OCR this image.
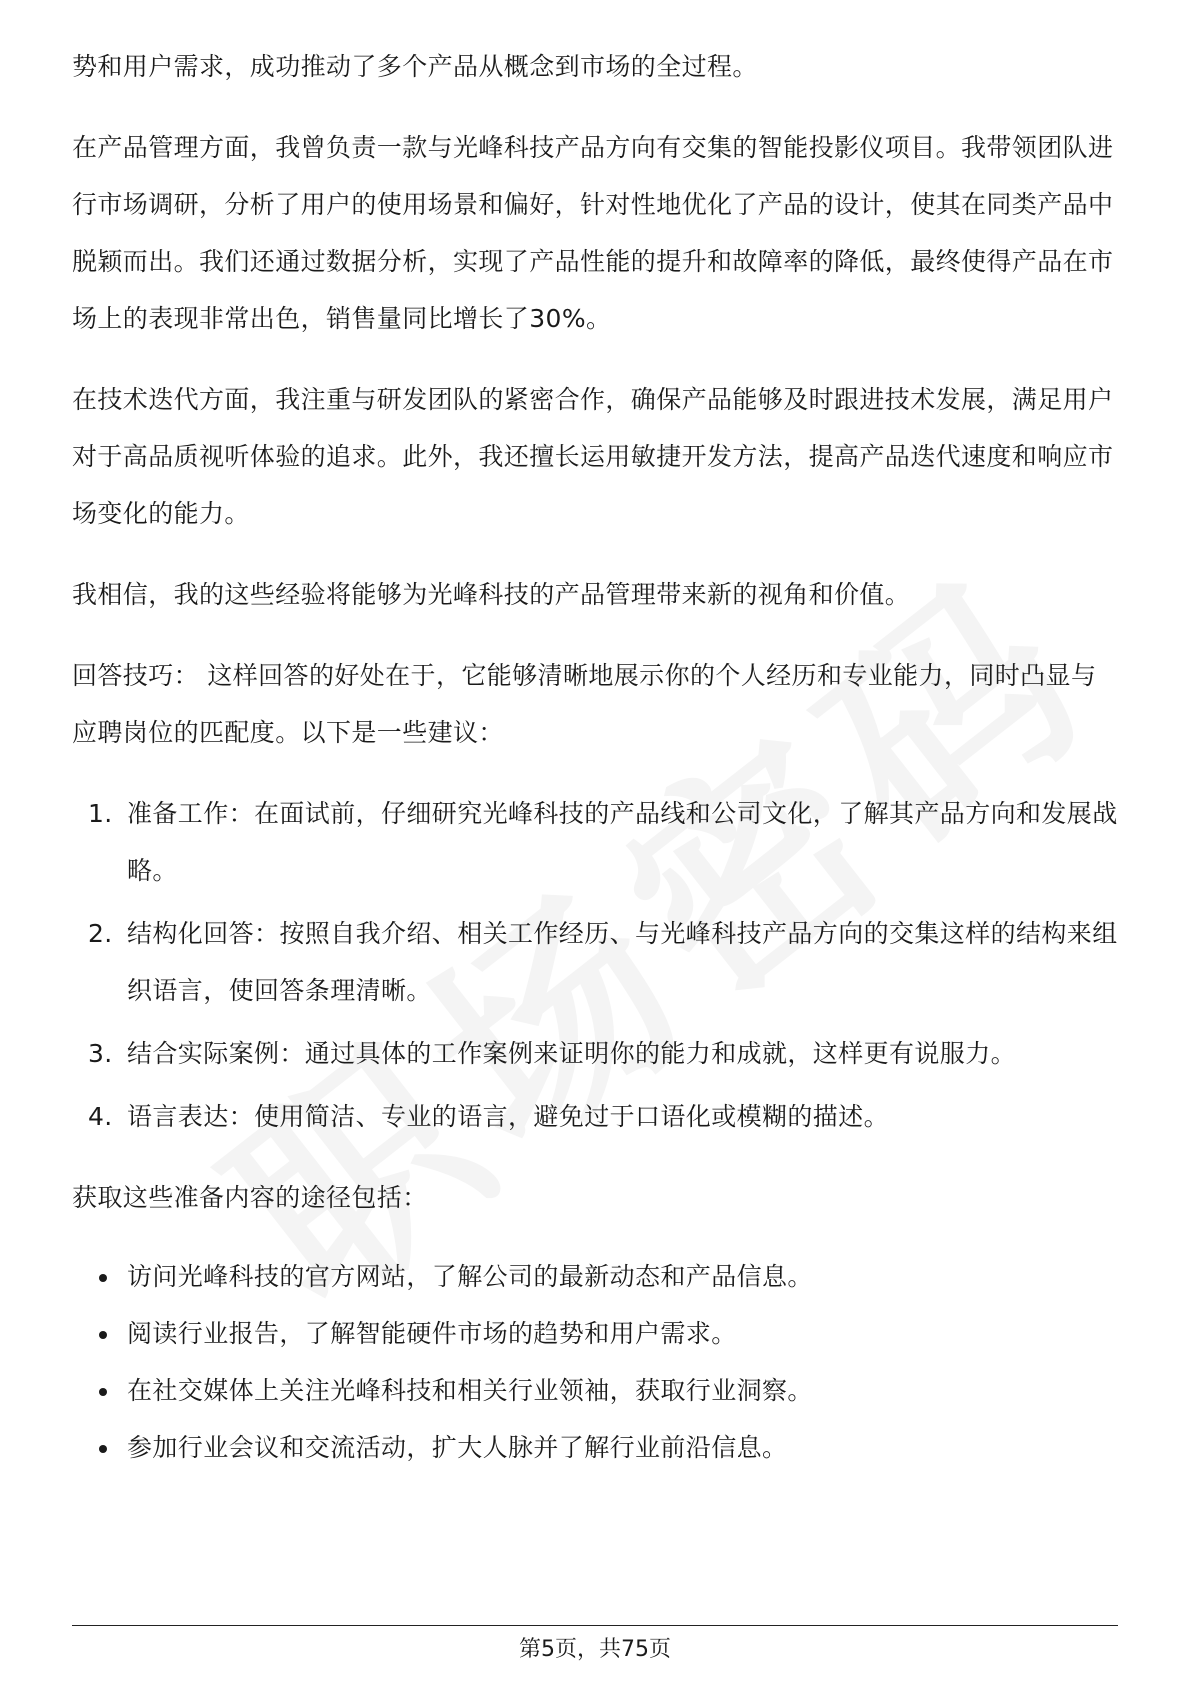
势和用户需求，成功推动了多个产品从概念到市场的全过程。

在产品管理方面，我曾负责一款与光峰科技产品方向有交集的智能投影仪项目。我带领团队进行市场调研，分析了用户的使用场景和偏好，针对性地优化了产品的设计，使其在同类产品中脱颖而出。我们还通过数据分析，实现了产品性能的提升和故障率的降低，最终使得产品在市场上的表现非常出色，销售量同比增长了30%。

在技术迭代方面，我注重与研发团队的紧密合作，确保产品能够及时跟进技术发展，满足用户对于高品质视听体验的追求。此外，我还擅长运用敏捷开发方法，提高产品迭代速度和响应市场变化的能力。

我相信，我的这些经验将能够为光峰科技的产品管理带来新的视角和价值。

回答技巧： 这样回答的好处在于，它能够清晰地展示你的个人经历和专业能力，同时凸显与应聘岗位的匹配度。以下是一些建议：

1. 准备工作：在面试前，仔细研究光峰科技的产品线和公司文化，了解其产品方向和发展战略。
2. 结构化回答：按照自我介绍、相关工作经历、与光峰科技产品方向的交集这样的结构来组织语言，使回答条理清晰。
3. 结合实际案例：通过具体的工作案例来证明你的能力和成就，这样更有说服力。
4. 语言表达：使用简洁、专业的语言，避免过于口语化或模糊的描述。

获取这些准备内容的途径包括：

访问光峰科技的官方网站，了解公司的最新动态和产品信息。
阅读行业报告，了解智能硬件市场的趋势和用户需求。
在社交媒体上关注光峰科技和相关行业领袖，获取行业洞察。
参加行业会议和交流活动，扩大人脉并了解行业前沿信息。
第5页，共75页
